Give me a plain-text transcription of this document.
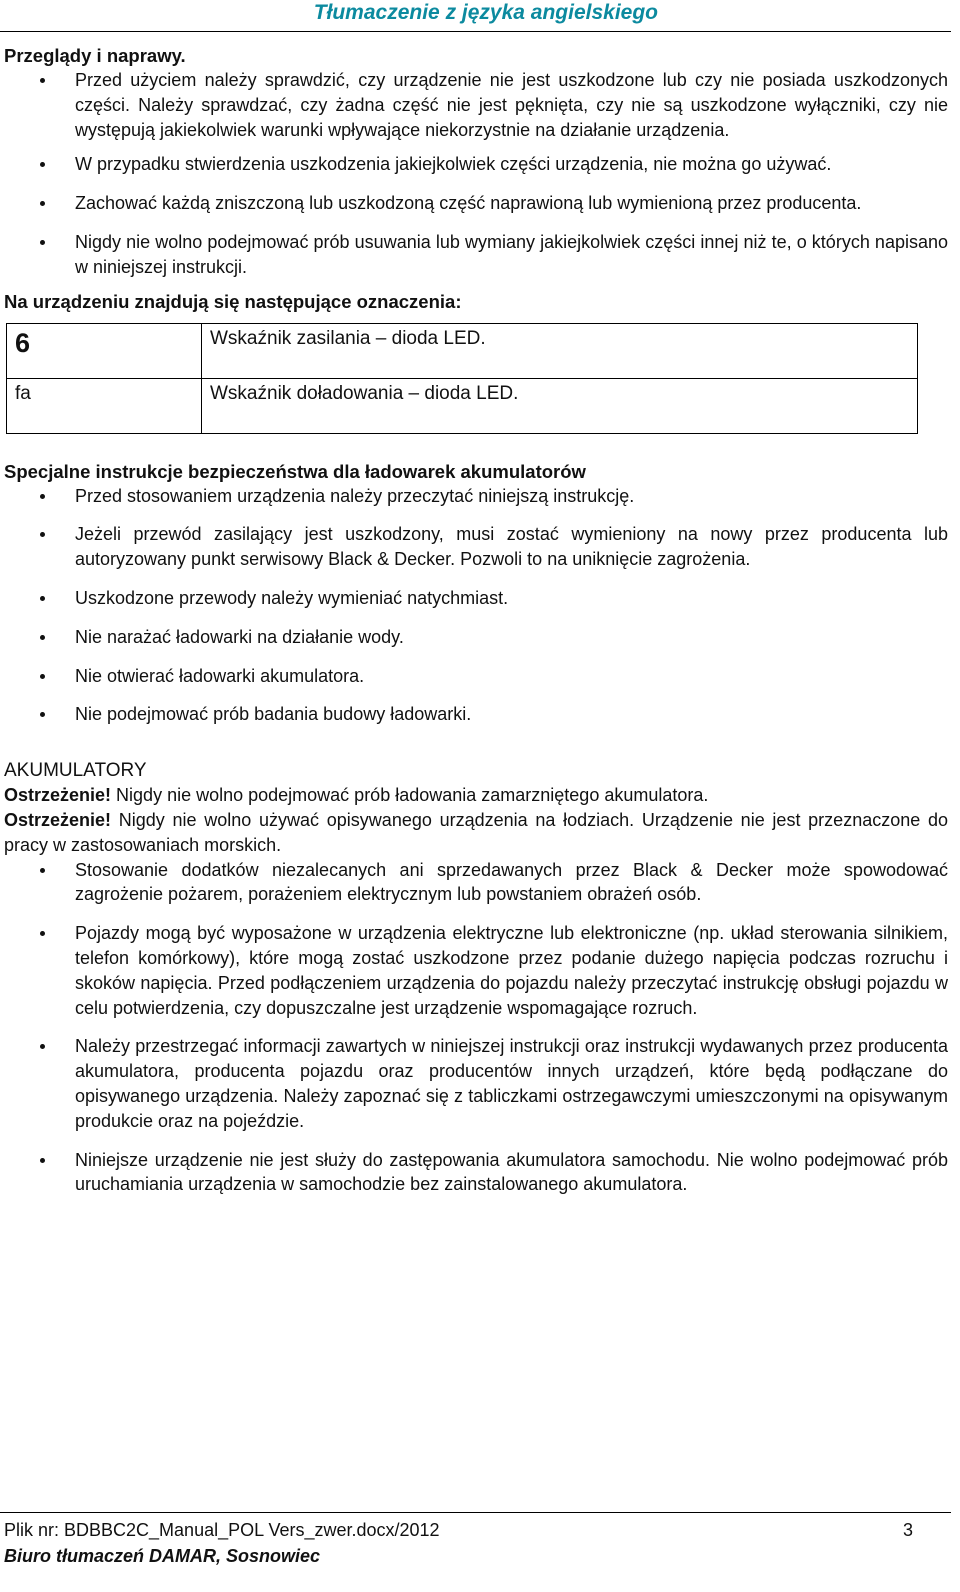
Tłumaczenie z języka angielskiego
Przeglądy i naprawy.
Przed użyciem należy sprawdzić, czy urządzenie nie jest uszkodzone lub czy nie posiada uszkodzonych części. Należy sprawdzać, czy żadna część nie jest pęknięta, czy nie są uszkodzone wyłączniki, czy nie występują jakiekolwiek warunki wpływające niekorzystnie na działanie urządzenia.
W przypadku stwierdzenia uszkodzenia jakiejkolwiek części urządzenia, nie można go używać.
Zachować każdą zniszczoną lub uszkodzoną część naprawioną lub wymienioną przez producenta.
Nigdy nie wolno podejmować prób usuwania lub wymiany jakiejkolwiek części innej niż te, o których napisano w niniejszej instrukcji.
Na urządzeniu znajdują się następujące oznaczenia:
6	Wskaźnik zasilania – dioda LED.
fa	Wskaźnik doładowania – dioda LED.
Specjalne instrukcje bezpieczeństwa dla ładowarek akumulatorów
Przed stosowaniem urządzenia należy przeczytać niniejszą instrukcję.
Jeżeli przewód zasilający jest uszkodzony, musi zostać wymieniony na nowy przez producenta lub autoryzowany punkt serwisowy Black & Decker. Pozwoli to na uniknięcie zagrożenia.
Uszkodzone przewody należy wymieniać natychmiast.
Nie narażać ładowarki na działanie wody.
Nie otwierać ładowarki akumulatora.
Nie podejmować prób badania budowy ładowarki.
AKUMULATORY

Ostrzeżenie! Nigdy nie wolno podejmować prób ładowania zamarzniętego akumulatora.

Ostrzeżenie! Nigdy nie wolno używać opisywanego urządzenia na łodziach. Urządzenie nie jest przeznaczone do pracy w zastosowaniach morskich.

Stosowanie dodatków niezalecanych ani sprzedawanych przez Black & Decker może spowodować zagrożenie pożarem, porażeniem elektrycznym lub powstaniem obrażeń osób.
Pojazdy mogą być wyposażone w urządzenia elektryczne lub elektroniczne (np. układ sterowania silnikiem, telefon komórkowy), które mogą zostać uszkodzone przez podanie dużego napięcia podczas rozruchu i skoków napięcia. Przed podłączeniem urządzenia do pojazdu należy przeczytać instrukcję obsługi pojazdu w celu potwierdzenia, czy dopuszczalne jest urządzenie wspomagające rozruch.
Należy przestrzegać informacji zawartych w niniejszej instrukcji oraz instrukcji wydawanych przez producenta akumulatora, producenta pojazdu oraz producentów innych urządzeń, które będą podłączane do opisywanego urządzenia. Należy zapoznać się z tabliczkami ostrzegawczymi umieszczonymi na opisywanym produkcie oraz na pojeździe.
Niniejsze urządzenie nie jest służy do zastępowania akumulatora samochodu. Nie wolno podejmować prób uruchamiania urządzenia w samochodzie bez zainstalowanego akumulatora.
Plik nr: BDBBC2C_Manual_POL Vers_zwer.docx/2012	3
Biuro tłumaczeń DAMAR, Sosnowiec
